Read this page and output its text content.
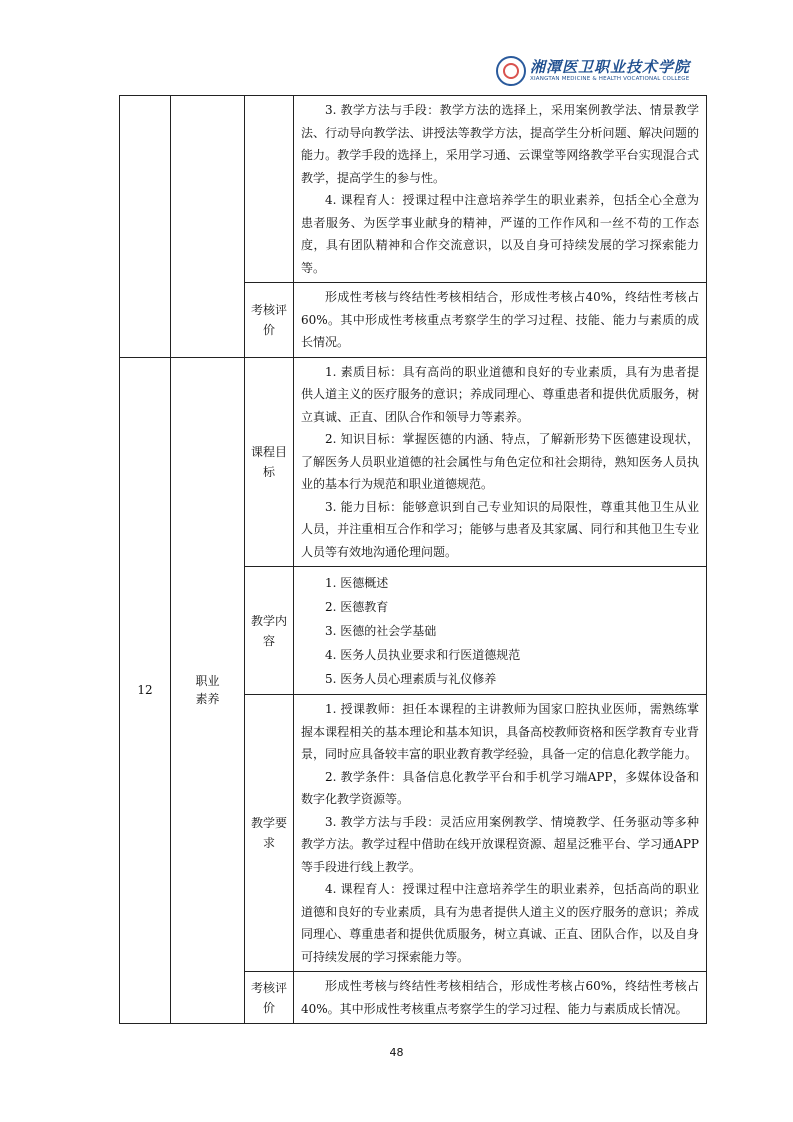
湘潭医卫职业技术学院
XIANGTAN MEDICINE & HEALTH VOCATIONAL COLLEGE

			3. 教学方法与手段：教学方法的选择上，采用案例教学法、情景教学法、行动导向教学法、讲授法等教学方法，提高学生分析问题、解决问题的能力。教学手段的选择上，采用学习通、云课堂等网络教学平台实现混合式教学，提高学生的参与性。

4. 课程育人：授课过程中注意培养学生的职业素养，包括全心全意为患者服务、为医学事业献身的精神，严谨的工作作风和一丝不苟的工作态度，具有团队精神和合作交流意识，以及自身可持续发展的学习探索能力等。

		考核评价	形成性考核与终结性考核相结合，形成性考核占40%，终结性考核占60%。其中形成性考核重点考察学生的学习过程、技能、能力与素质的成长情况。

12	职业素养	课程目标	1. 素质目标：具有高尚的职业道德和良好的专业素质，具有为患者提供人道主义的医疗服务的意识；养成同理心、尊重患者和提供优质服务，树立真诚、正直、团队合作和领导力等素养。

2. 知识目标：掌握医德的内涵、特点，了解新形势下医德建设现状，了解医务人员职业道德的社会属性与角色定位和社会期待，熟知医务人员执业的基本行为规范和职业道德规范。

3. 能力目标：能够意识到自己专业知识的局限性，尊重其他卫生从业人员，并注重相互合作和学习；能够与患者及其家属、同行和其他卫生专业人员等有效地沟通伦理问题。

		教学内容	1. 医德概述

2. 医德教育

3. 医德的社会学基础

4. 医务人员执业要求和行医道德规范

5. 医务人员心理素质与礼仪修养

		教学要求	1. 授课教师：担任本课程的主讲教师为国家口腔执业医师，需熟练掌握本课程相关的基本理论和基本知识，具备高校教师资格和医学教育专业背景，同时应具备较丰富的职业教育教学经验，具备一定的信息化教学能力。

2. 教学条件：具备信息化教学平台和手机学习端APP，多媒体设备和数字化教学资源等。

3. 教学方法与手段：灵活应用案例教学、情境教学、任务驱动等多种教学方法。教学过程中借助在线开放课程资源、超星泛雅平台、学习通APP等手段进行线上教学。

4. 课程育人：授课过程中注意培养学生的职业素养，包括高尚的职业道德和良好的专业素质，具有为患者提供人道主义的医疗服务的意识；养成同理心、尊重患者和提供优质服务，树立真诚、正直、团队合作，以及自身可持续发展的学习探索能力等。

		考核评价	形成性考核与终结性考核相结合，形成性考核占60%，终结性考核占40%。其中形成性考核重点考察学生的学习过程、能力与素质成长情况。

48
